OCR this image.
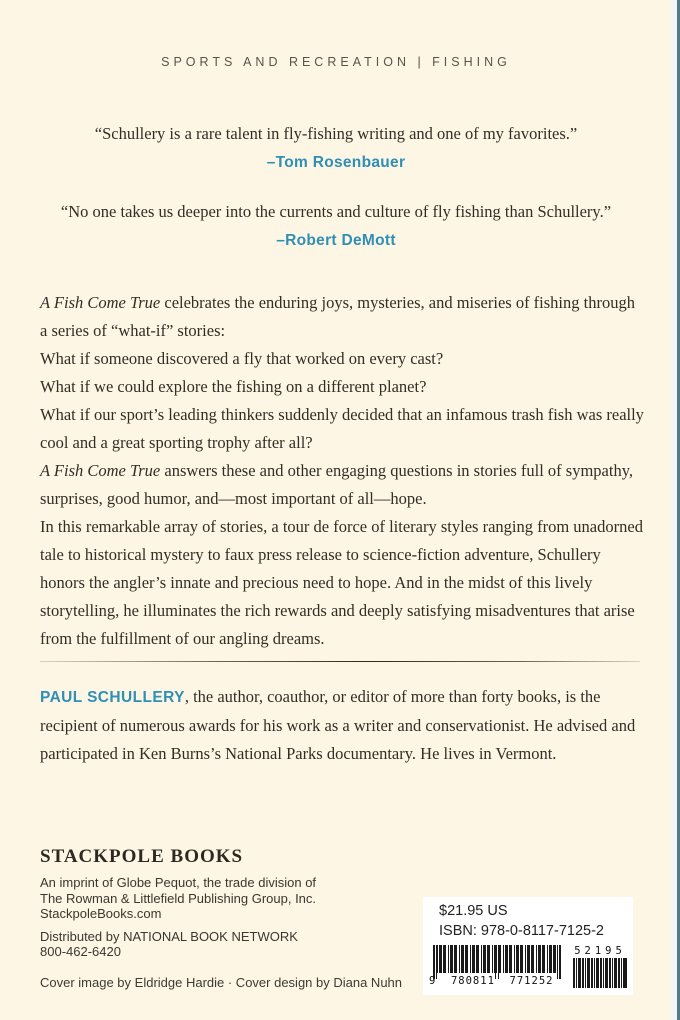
SPORTS AND RECREATION | FISHING

“Schullery is a rare talent in fly-fishing writing and one of my favorites.”

–Tom Rosenbauer

“No one takes us deeper into the currents and culture of fly fishing than Schullery.”

–Robert DeMott

A Fish Come True celebrates the enduring joys, mysteries, and miseries of fishing through a series of “what-if” stories:

What if someone discovered a fly that worked on every cast?

What if we could explore the fishing on a different planet?

What if our sport’s leading thinkers suddenly decided that an infamous trash fish was really cool and a great sporting trophy after all?

A Fish Come True answers these and other engaging questions in stories full of sympathy, surprises, good humor, and—most important of all—hope.

In this remarkable array of stories, a tour de force of literary styles ranging from unadorned tale to historical mystery to faux press release to science-fiction adventure, Schullery honors the angler’s innate and precious need to hope. And in the midst of this lively storytelling, he illuminates the rich rewards and deeply satisfying misadventures that arise from the fulfillment of our angling dreams.

PAUL SCHULLERY, the author, coauthor, or editor of more than forty books, is the recipient of numerous awards for his work as a writer and conservationist. He advised and participated in Ken Burns’s National Parks documentary. He lives in Vermont.

STACKPOLE BOOKS

An imprint of Globe Pequot, the trade division of
The Rowman & Littlefield Publishing Group, Inc.
StackpoleBooks.com
Distributed by NATIONAL BOOK NETWORK
800-462-6420
$21.95 US
ISBN: 978-0-8117-7125-2
9  780811  771252
52195
Cover image by Eldridge Hardie · Cover design by Diana Nuhn
